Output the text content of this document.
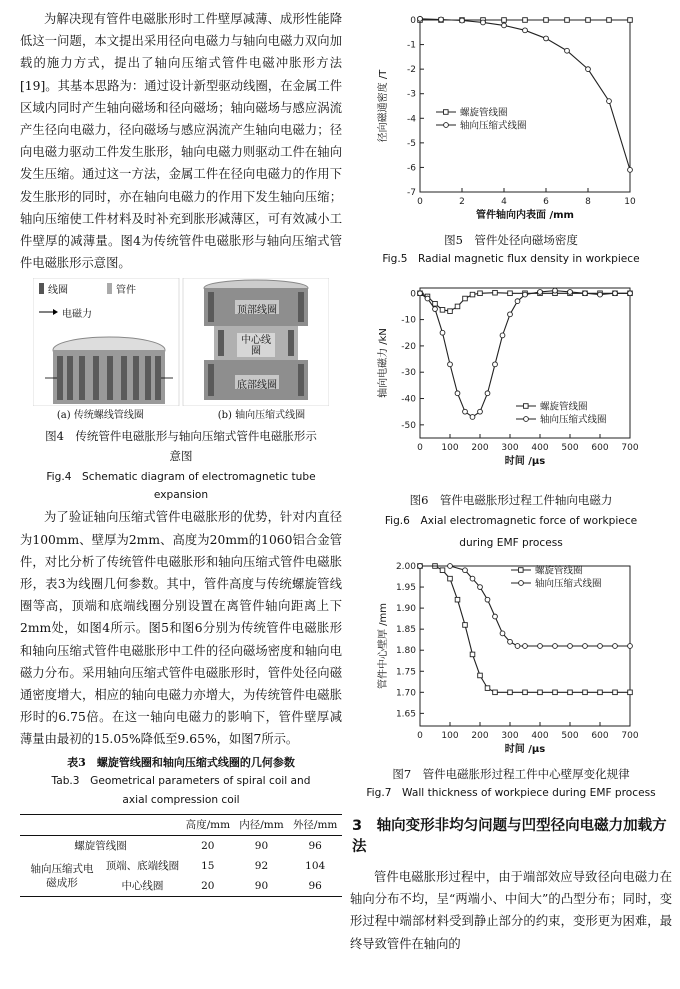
为解决现有管件电磁胀形时工件壁厚减薄、成形性能降低这一问题，本文提出采用径向电磁力与轴向电磁力双向加载的施力方式，提出了轴向压缩式管件电磁冲胀形方法[19]。其基本思路为：通过设计新型驱动线圈，在金属工件区域内同时产生轴向磁场和径向磁场；轴向磁场与感应涡流产生径向电磁力，径向磁场与感应涡流产生轴向电磁力；径向电磁力驱动工件发生胀形，轴向电磁力则驱动工件在轴向发生压缩。通过这一方法，金属工件在径向电磁力的作用下发生胀形的同时，亦在轴向电磁力的作用下发生轴向压缩；轴向压缩使工件材料及时补充到胀形减薄区，可有效减小工件壁厚的减薄量。图4为传统管件电磁胀形与轴向压缩式管件电磁胀形示意图。

线圈	管件
电磁力	顶部线圈
中心线圈
底部线圈
(a) 传统螺线管线圈	(b) 轴向压缩式线圈

图4　传统管件电磁胀形与轴向压缩式管件电磁胀形示意图

Fig.4　Schematic diagram of electromagnetic tube expansion

为了验证轴向压缩式管件电磁胀形的优势，针对内直径为100mm、壁厚为2mm、高度为20mm的1060铝合金管件，对比分析了传统管件电磁胀形和轴向压缩式管件电磁胀形，表3为线圈几何参数。其中，管件高度与传统螺旋管线圈等高，顶端和底端线圈分别设置在离管件轴向距离上下2mm处，如图4所示。图5和图6分别为传统管件电磁胀形和轴向压缩式管件电磁胀形中工件的径向磁场密度和轴向电磁力分布。采用轴向压缩式管件电磁胀形时，管件处径向磁通密度增大，相应的轴向电磁力亦增大，为传统管件电磁胀形时的6.75倍。在这一轴向电磁力的影响下，管件壁厚减薄量由最初的15.05%降低至9.65%，如图7所示。

表3　螺旋管线圈和轴向压缩式线圈的几何参数

Tab.3　Geometrical parameters of spiral coil and axial compression coil

		高度/mm	内径/mm	外径/mm
螺旋管线圈		20	90	96
轴向压缩式电磁成形	顶端、底端线圈	15	92	104
	中心线圈	20	90	96
0	2	4	6	8	10
0
-1
-2
-3
-4
-5
-6
-7
管件轴向内表面 /mm
径向磁通密度 /T	螺旋管线圈
轴向压缩式线圈

图5　管件处径向磁场密度

Fig.5　Radial magnetic flux density in workpiece

0 100 200 300 400 500 600 700
0
-10
-20
-30
-40
-50
时间 /μs
轴向电磁力 /kN
螺旋管线圈
轴向压缩式线圈

图6　管件电磁胀形过程工件轴向电磁力

Fig.6　Axial electromagnetic force of workpiece during EMF process

0 100 200 300 400 500 600 700
2.00
1.95
1.90
1.85
1.80
1.75
1.70
1.65
时间 /μs
管件中心壁厚 /mm
螺旋管线圈
轴向压缩式线圈

图7　管件电磁胀形过程工件中心壁厚变化规律

Fig.7　Wall thickness of workpiece during EMF process

3　轴向变形非均匀问题与凹型径向电磁力加载方法

管件电磁胀形过程中，由于端部效应导致径向电磁力在轴向分布不均，呈“两端小、中间大”的凸型分布；同时，变形过程中端部材料受到静止部分的约束，变形更为困难，最终导致管件在轴向的
